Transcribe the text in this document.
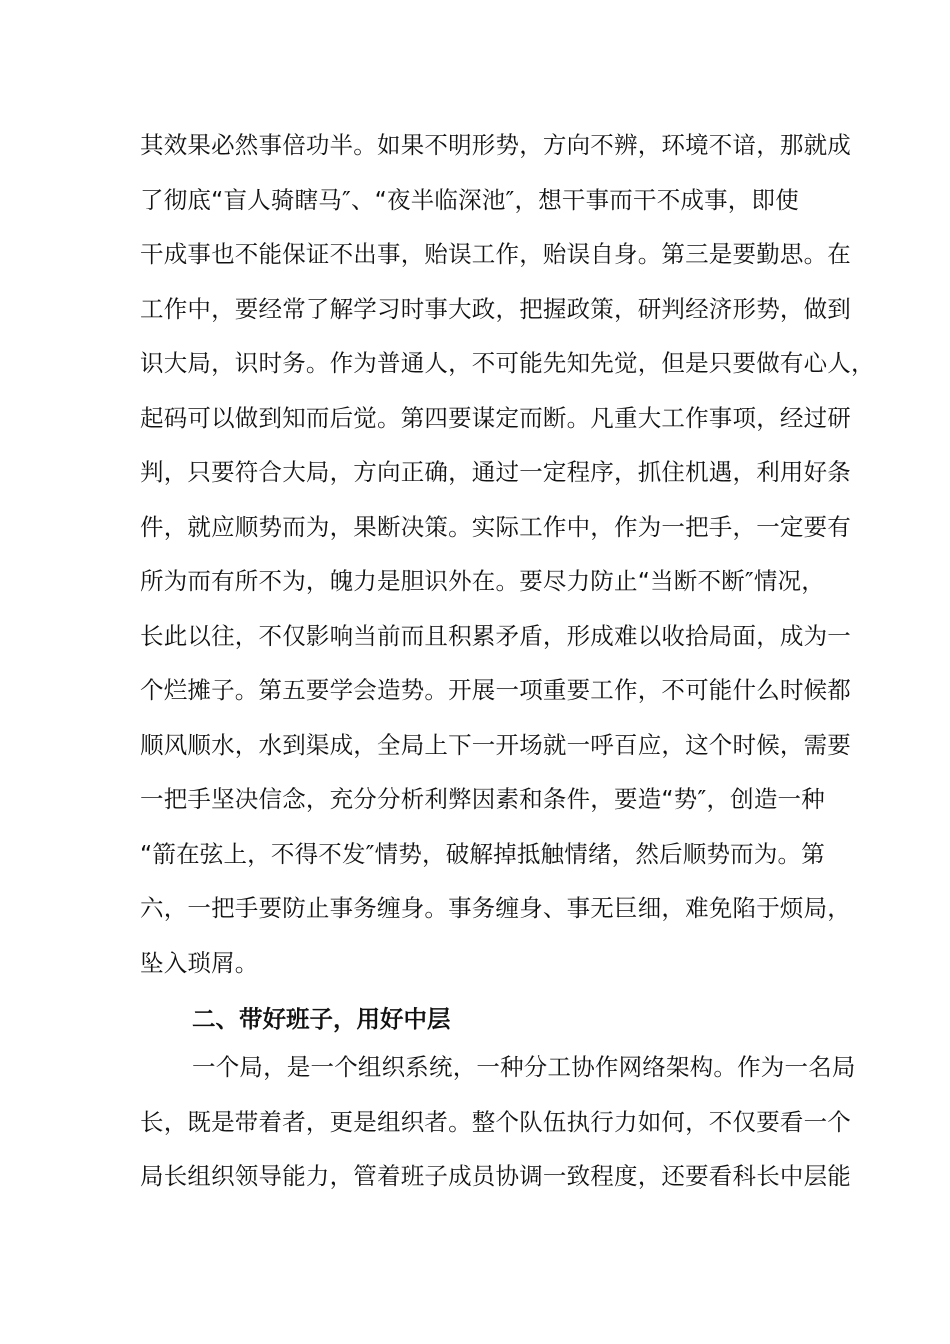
其效果必然事倍功半。如果不明形势，方向不辨，环境不谙，那就成
了彻底“盲人骑瞎马″、“夜半临深池″，想干事而干不成事，即使
干成事也不能保证不出事，贻误工作，贻误自身。第三是要勤思。在
工作中，要经常了解学习时事大政，把握政策，研判经济形势，做到
识大局，识时务。作为普通人，不可能先知先觉，但是只要做有心人，
起码可以做到知而后觉。第四要谋定而断。凡重大工作事项，经过研
判，只要符合大局，方向正确，通过一定程序，抓住机遇，利用好条
件，就应顺势而为，果断决策。实际工作中，作为一把手，一定要有
所为而有所不为，魄力是胆识外在。要尽力防止“当断不断″情况，
长此以往，不仅影响当前而且积累矛盾，形成难以收拾局面，成为一
个烂摊子。第五要学会造势。开展一项重要工作，不可能什么时候都
顺风顺水，水到渠成，全局上下一开场就一呼百应，这个时候，需要
一把手坚决信念，充分分析利弊因素和条件，要造“势″，创造一种
“箭在弦上，不得不发″情势，破解掉抵触情绪，然后顺势而为。第
六，一把手要防止事务缠身。事务缠身、事无巨细，难免陷于烦局，
坠入琐屑。
二、带好班子，用好中层
一个局，是一个组织系统，一种分工协作网络架构。作为一名局
长，既是带着者，更是组织者。整个队伍执行力如何，不仅要看一个
局长组织领导能力，管着班子成员协调一致程度，还要看科长中层能
